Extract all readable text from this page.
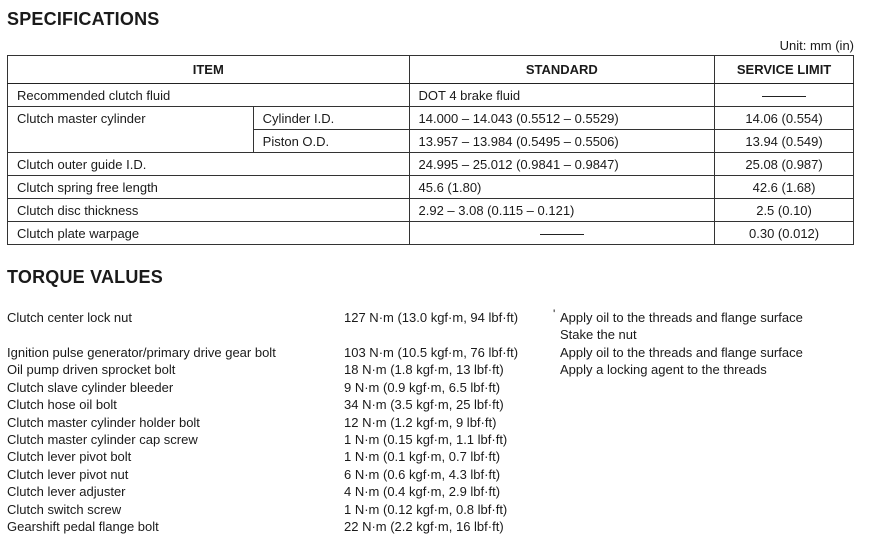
SPECIFICATIONS
Unit: mm (in)
ITEM		STANDARD	SERVICE LIMIT
Recommended clutch fluid		DOT 4 brake fluid	
Clutch master cylinder	Cylinder I.D.	14.000 – 14.043 (0.5512 – 0.5529)	14.06 (0.554)
	Piston O.D.	13.957 – 13.984 (0.5495 – 0.5506)	13.94 (0.549)
Clutch outer guide I.D.		24.995 – 25.012 (0.9841 – 0.9847)	25.08 (0.987)
Clutch spring free length		45.6 (1.80)	42.6 (1.68)
Clutch disc thickness		2.92 – 3.08 (0.115 – 0.121)	2.5 (0.10)
Clutch plate warpage			0.30 (0.012)
TORQUE VALUES
Clutch center lock nut	127 N·m (13.0 kgf·m, 94 lbf·ft)	' Apply oil to the threads and flange surface
Stake the nut
Ignition pulse generator/primary drive gear bolt	103 N·m (10.5 kgf·m, 76 lbf·ft)	Apply oil to the threads and flange surface
Oil pump driven sprocket bolt	18 N·m (1.8 kgf·m, 13 lbf·ft)	Apply a locking agent to the threads
Clutch slave cylinder bleeder	9 N·m (0.9 kgf·m, 6.5 lbf·ft)
Clutch hose oil bolt	34 N·m (3.5 kgf·m, 25 lbf·ft)
Clutch master cylinder holder bolt	12 N·m (1.2 kgf·m, 9 lbf·ft)
Clutch master cylinder cap screw	1 N·m (0.15 kgf·m, 1.1 lbf·ft)
Clutch lever pivot bolt	1 N·m (0.1 kgf·m, 0.7 lbf·ft)
Clutch lever pivot nut	6 N·m (0.6 kgf·m, 4.3 lbf·ft)
Clutch lever adjuster	4 N·m (0.4 kgf·m, 2.9 lbf·ft)
Clutch switch screw	1 N·m (0.12 kgf·m, 0.8 lbf·ft)
Gearshift pedal flange bolt	22 N·m (2.2 kgf·m, 16 lbf·ft)
